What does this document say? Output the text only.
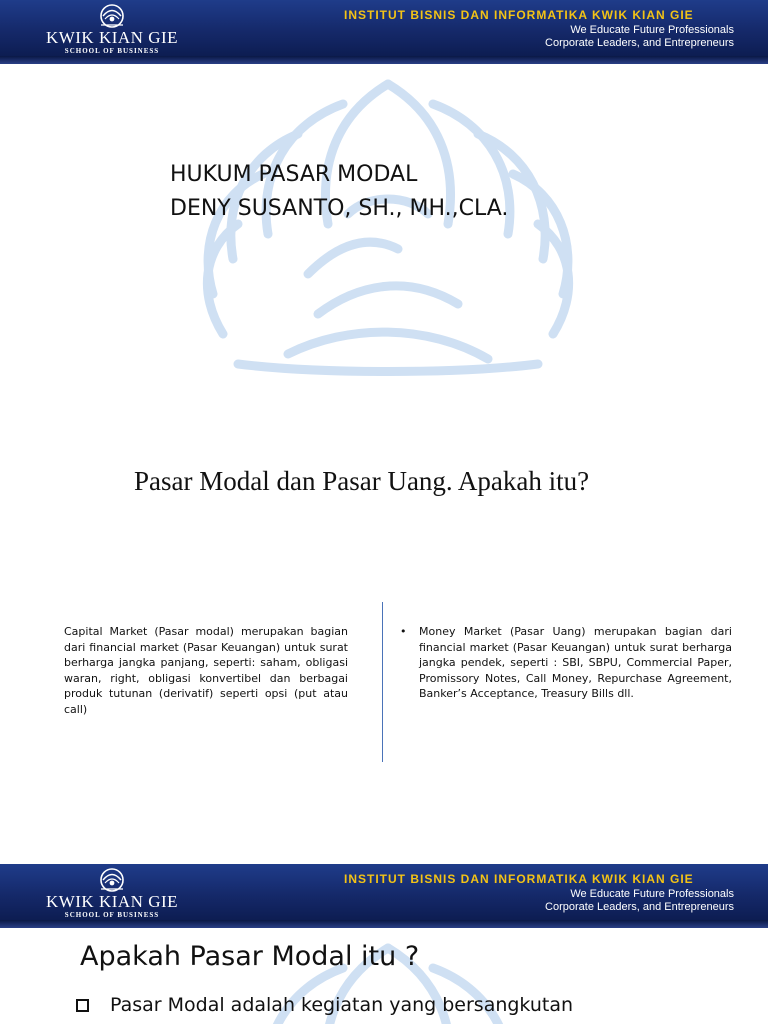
KWIK KIAN GIE
SCHOOL OF BUSINESS
INSTITUT BISNIS DAN INFORMATIKA KWIK KIAN GIE
We Educate Future Professionals
Corporate Leaders, and Entrepreneurs
HUKUM PASAR MODAL
DENY SUSANTO, SH., MH.,CLA.
Pasar Modal dan Pasar Uang. Apakah itu?
Capital Market (Pasar modal) merupakan bagian dari financial market (Pasar Keuangan) untuk surat berharga jangka panjang, seperti: saham, obligasi waran, right, obligasi konvertibel dan berbagai produk tutunan (derivatif) seperti opsi (put atau call)
•	Money Market (Pasar Uang) merupakan bagian dari financial market (Pasar Keuangan) untuk surat berharga jangka pendek, seperti : SBI, SBPU, Commercial Paper, Promissory Notes, Call Money, Repurchase Agreement, Banker’s Acceptance, Treasury Bills dll.
KWIK KIAN GIE
SCHOOL OF BUSINESS
INSTITUT BISNIS DAN INFORMATIKA KWIK KIAN GIE
We Educate Future Professionals
Corporate Leaders, and Entrepreneurs
Apakah Pasar Modal itu ?
Pasar Modal adalah kegiatan yang bersangkutan
